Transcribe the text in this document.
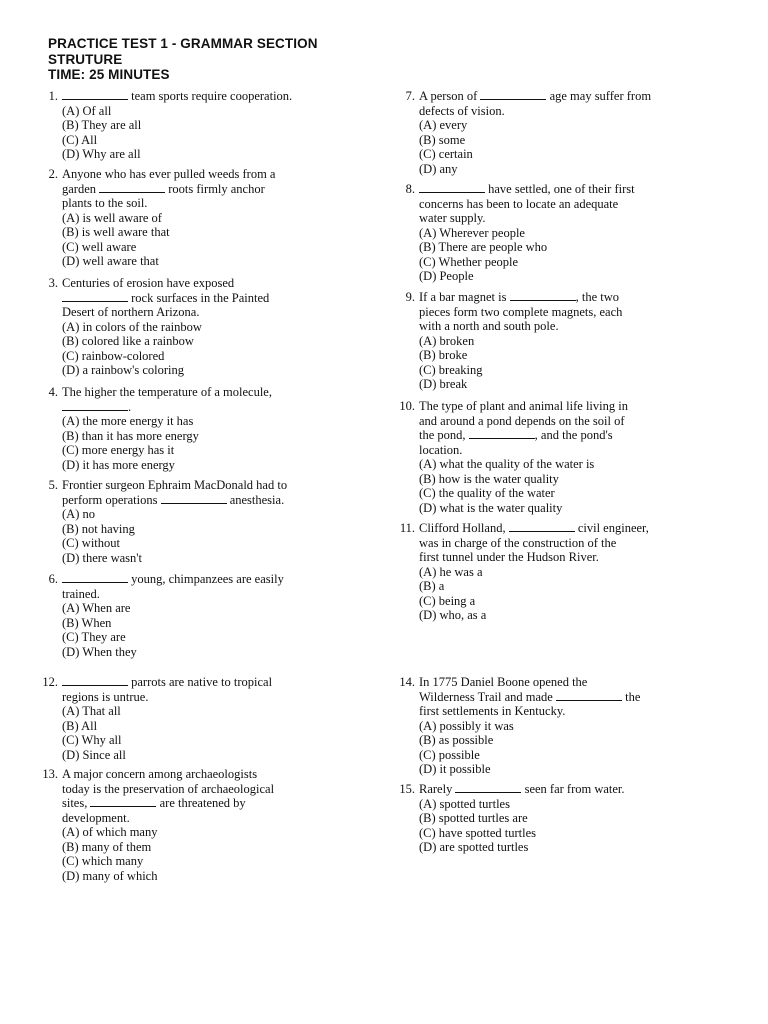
PRACTICE TEST 1 - GRAMMAR SECTION
STRUTURE
TIME: 25 MINUTES
1.	team sports require cooperation.
(A) Of all
(B) They are all
(C) All
(D) Why are all
2. Anyone who has ever pulled weeds from a
garden	roots firmly anchor
plants to the soil.
(A) is well aware of
(B) is well aware that
(C) well aware
(D) well aware that
3. Centuries of erosion have exposed
rock surfaces in the Painted
Desert of northern Arizona.
(A) in colors of the rainbow
(B) colored like a rainbow
(C) rainbow-colored
(D) a rainbow's coloring
4. The higher the temperature of a molecule,
.
(A) the more energy it has
(B) than it has more energy
(C) more energy has it
(D) it has more energy
5. Frontier surgeon Ephraim MacDonald had to
perform operations	anesthesia.
(A) no
(B) not having
(C) without
(D) there wasn't
6.	young, chimpanzees are easily
trained.
(A) When are
(B) When
(C) They are
(D) When they
7. A person of	age may suffer from
defects of vision.
(A) every
(B) some
(C) certain
(D) any
8.	have settled, one of their first
concerns has been to locate an adequate
water supply.
(A) Wherever people
(B) There are people who
(C) Whether people
(D) People
9. If a bar magnet is	, the two
pieces form two complete magnets, each
with a north and south pole.
(A) broken
(B) broke
(C) breaking
(D) break
10. The type of plant and animal life living in
and around a pond depends on the soil of
the pond,	, and the pond's
location.
(A) what the quality of the water is
(B) how is the water quality
(C) the quality of the water
(D) what is the water quality
11. Clifford Holland,	civil engineer,
was in charge of the construction of the
first tunnel under the Hudson River.
(A) he was a
(B) a
(C) being a
(D) who, as a
12.	parrots are native to tropical
regions is untrue.
(A) That all
(B) All
(C) Why all
(D) Since all
13. A major concern among archaeologists
today is the preservation of archaeological
sites,	are threatened by
development.
(A) of which many
(B) many of them
(C) which many
(D) many of which
14. In 1775 Daniel Boone opened the
Wilderness Trail and made	the
first settlements in Kentucky.
(A) possibly it was
(B) as possible
(C) possible
(D) it possible
15. Rarely	seen far from water.
(A) spotted turtles
(B) spotted turtles are
(C) have spotted turtles
(D) are spotted turtles
